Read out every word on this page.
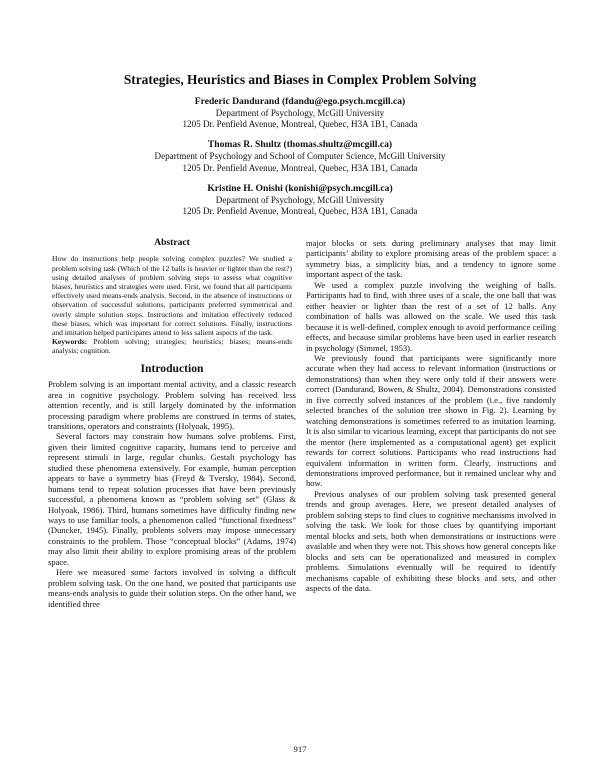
Strategies, Heuristics and Biases in Complex Problem Solving
Frederic Dandurand (fdandu@ego.psych.mcgill.ca)
Department of Psychology, McGill University
1205 Dr. Penfield Avenue, Montreal, Quebec, H3A 1B1, Canada
Thomas R. Shultz (thomas.shultz@mcgill.ca)
Department of Psychology and School of Computer Science, McGill University
1205 Dr. Penfield Avenue, Montreal, Quebec, H3A 1B1, Canada
Kristine H. Onishi (konishi@psych.mcgill.ca)
Department of Psychology, McGill University
1205 Dr. Penfield Avenue, Montreal, Quebec, H3A 1B1, Canada
Abstract

How do instructions help people solving complex puzzles? We studied a problem solving task (Which of the 12 balls is heavier or lighter than the rest?) using detailed analyses of problem solving steps to assess what cognitive biases, heuristics and strategies were used. First, we found that all participants effectively used means-ends analysis. Second, in the absence of instructions or observation of successful solutions, participants preferred symmetrical and overly simple solution steps. Instructions and imitation effectively reduced these biases, which was important for correct solutions. Finally, instructions and imitation helped participants attend to less salient aspects of the task.

Keywords: Problem solving; strategies; heuristics; biases; means-ends analysis; cognition.

Introduction

Problem solving is an important mental activity, and a classic research area in cognitive psychology. Problem solving has received less attention recently, and is still largely dominated by the information processing paradigm where problems are construed in terms of states, transitions, operators and constraints (Holyoak, 1995).

Several factors may constrain how humans solve problems. First, given their limited cognitive capacity, humans tend to perceive and represent stimuli in large, regular chunks. Gestalt psychology has studied these phenomena extensively. For example, human perception appears to have a symmetry bias (Freyd & Tversky, 1984). Second, humans tend to repeat solution processes that have been previously successful, a phenomena known as “problem solving set” (Glass & Holyoak, 1986). Third, humans sometimes have difficulty finding new ways to use familiar tools, a phenomenon called “functional fixedness” (Duncker, 1945). Finally, problems solvers may impose unnecessary constraints to the problem. Those “conceptual blocks” (Adams, 1974) may also limit their ability to explore promising areas of the problem space.

Here we measured some factors involved in solving a difficult problem solving task. On the one hand, we posited that participants use means-ends analysis to guide their solution steps. On the other hand, we identified three

major blocks or sets during preliminary analyses that may limit participants’ ability to explore promising areas of the problem space: a symmetry bias, a simplicity bias, and a tendency to ignore some important aspect of the task.

We used a complex puzzle involving the weighing of balls. Participants had to find, with three uses of a scale, the one ball that was either heavier or lighter than the rest of a set of 12 balls. Any combination of balls was allowed on the scale. We used this task because it is well-defined, complex enough to avoid performance ceiling effects, and because similar problems have been used in earlier research in psychology (Simmel, 1953).

We previously found that participants were significantly more accurate when they had access to relevant information (instructions or demonstrations) than when they were only told if their answers were correct (Dandurand, Bowen, & Shultz, 2004). Demonstrations consisted in five correctly solved instances of the problem (i.e., five randomly selected branches of the solution tree shown in Fig. 2). Learning by watching demonstrations is sometimes referred to as imitation learning. It is also similar to vicarious learning, except that participants do not see the mentor (here implemented as a computational agent) get explicit rewards for correct solutions. Participants who read instructions had equivalent information in written form. Clearly, instructions and demonstrations improved performance, but it remained unclear why and how.

Previous analyses of our problem solving task presented general trends and group averages. Here, we present detailed analyses of problem solving steps to find clues to cognitive mechanisms involved in solving the task. We look for those clues by quantifying important mental blocks and sets, both when demonstrations or instructions were available and when they were not. This shows how general concepts like blocks and sets can be operationalized and measured in complex problems. Simulations eventually will be required to identify mechanisms capable of exhibiting these blocks and sets, and other aspects of the data.

917
